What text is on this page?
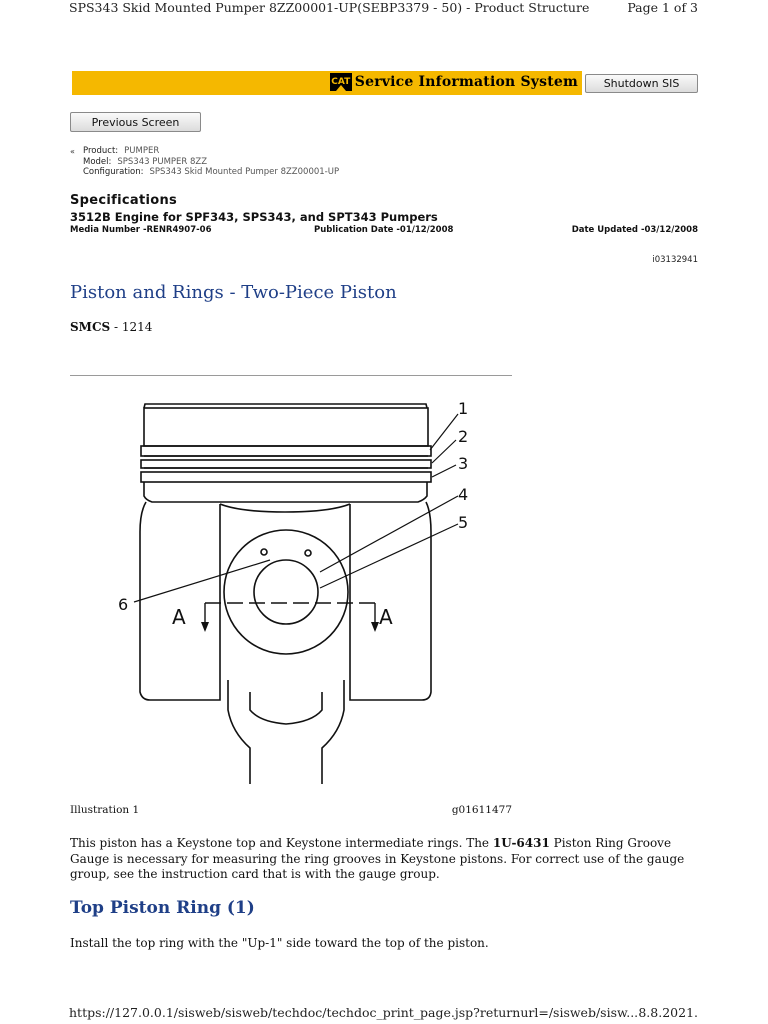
SPS343 Skid Mounted Pumper 8ZZ00001-UP(SEBP3379 - 50) - Product Structure	Page 1 of 3
CAT Service Information System	Shutdown SIS
Previous Screen
« Product: PUMPER
Model: SPS343 PUMPER 8ZZ
Configuration: SPS343 Skid Mounted Pumper 8ZZ00001-UP
Specifications
3512B Engine for SPF343, SPS343, and SPT343 Pumpers
Media Number -RENR4907-06	Publication Date -01/12/2008	Date Updated -03/12/2008
i03132941
Piston and Rings - Two-Piece Piston
SMCS - 1214
1
2
3
4
5
6
A	A
Illustration 1	g01611477
This piston has a Keystone top and Keystone intermediate rings. The 1U-6431 Piston Ring Groove Gauge is necessary for measuring the ring grooves in Keystone pistons. For correct use of the gauge group, see the instruction card that is with the gauge group.
Top Piston Ring (1)
Install the top ring with the "Up-1" side toward the top of the piston.
https://127.0.0.1/sisweb/sisweb/techdoc/techdoc_print_page.jsp?returnurl=/sisweb/sisw... 8.8.2021.
